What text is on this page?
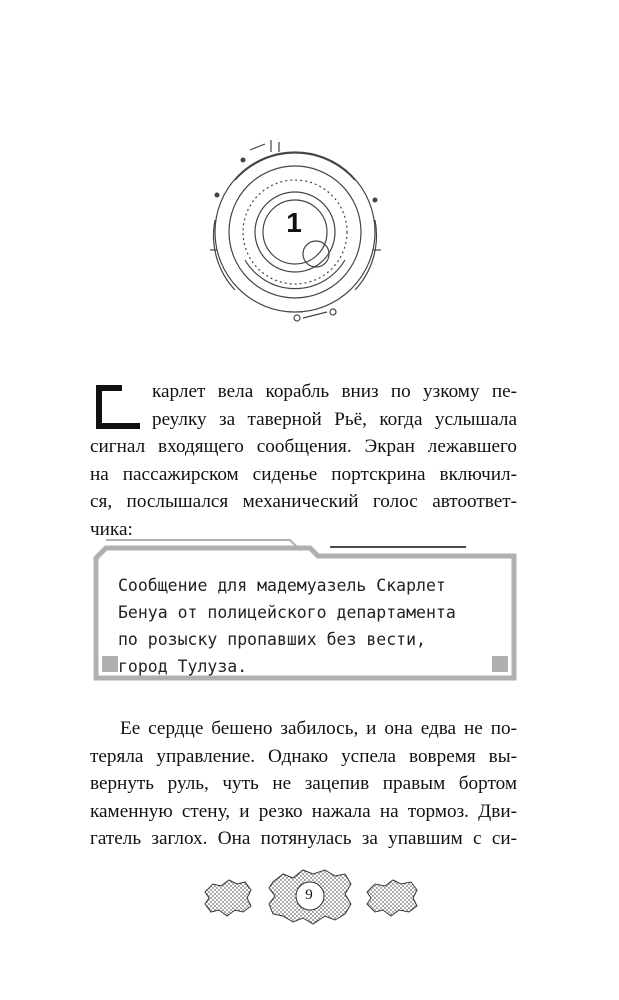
1
карлет вела корабль вниз по узкому пе-
реулку за таверной Рьё, когда услышала
сигнал входящего сообщения. Экран лежавшего
на пассажирском сиденье портскрина включил-
ся, послышался механический голос автоответ-
чика:
Сообщение для мадемуазель Скарлет
Бенуа от полицейского департамента
по розыску пропавших без вести,
город Тулуза.
Ее сердце бешено забилось, и она едва не по-
теряла управление. Однако успела вовремя вы-
вернуть руль, чуть не зацепив правым бортом
каменную стену, и резко нажала на тормоз. Дви-
гатель заглох. Она потянулась за упавшим с си-
9
